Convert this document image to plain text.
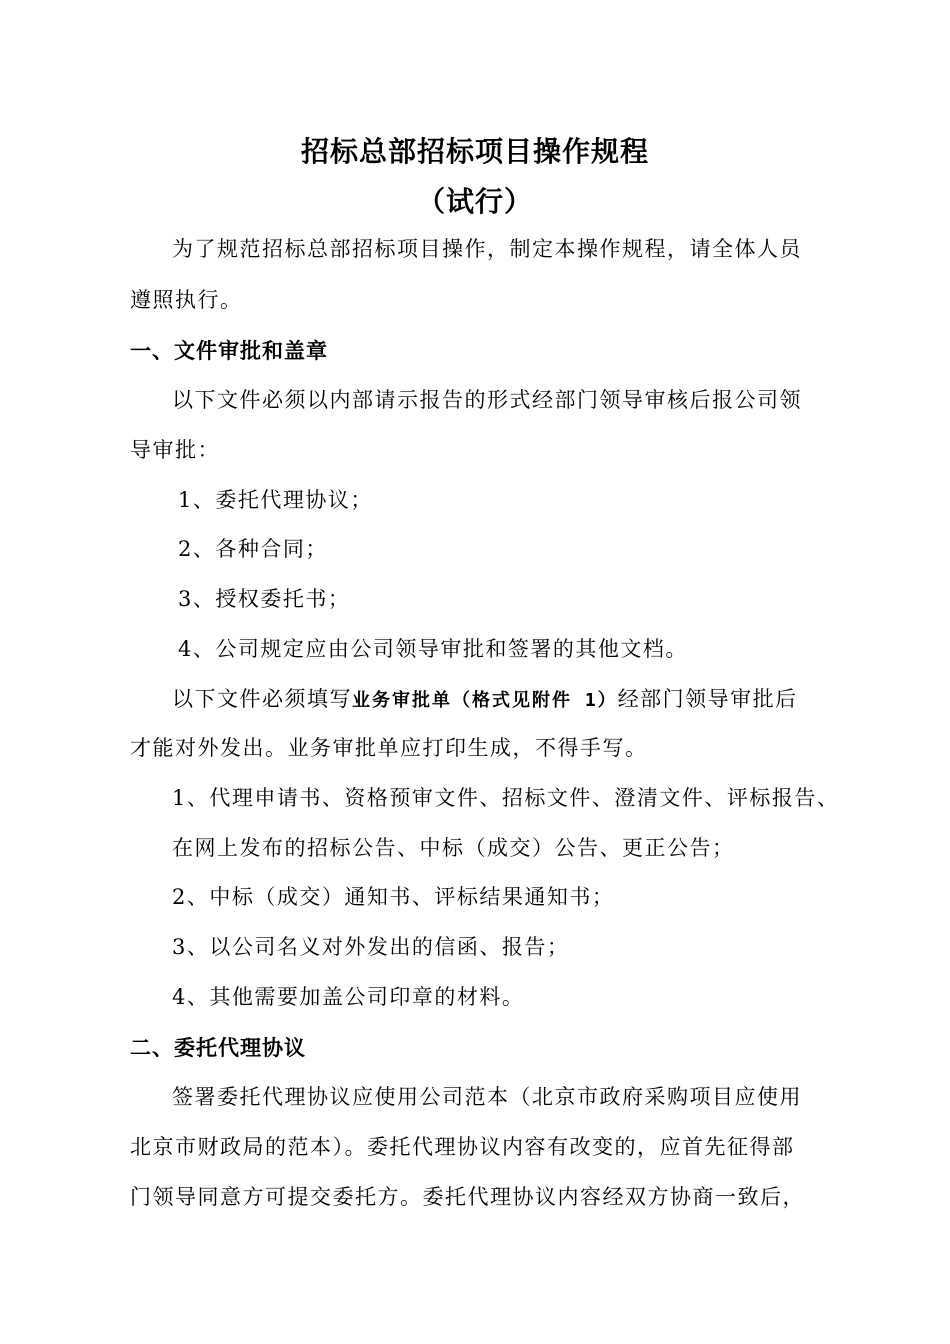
招标总部招标项目操作规程
（试行）
为了规范招标总部招标项目操作，制定本操作规程，请全体人员
遵照执行。
一、文件审批和盖章
以下文件必须以内部请示报告的形式经部门领导审核后报公司领
导审批：
1、委托代理协议；
2、各种合同；
3、授权委托书；
4、公司规定应由公司领导审批和签署的其他文档。
以下文件必须填写业务审批单（格式见附件 1）经部门领导审批后
才能对外发出。业务审批单应打印生成，不得手写。
1、代理申请书、资格预审文件、招标文件、澄清文件、评标报告、
在网上发布的招标公告、中标（成交）公告、更正公告；
2、中标（成交）通知书、评标结果通知书；
3、以公司名义对外发出的信函、报告；
4、其他需要加盖公司印章的材料。
二、委托代理协议
签署委托代理协议应使用公司范本（北京市政府采购项目应使用
北京市财政局的范本）。委托代理协议内容有改变的，应首先征得部
门领导同意方可提交委托方。委托代理协议内容经双方协商一致后，
